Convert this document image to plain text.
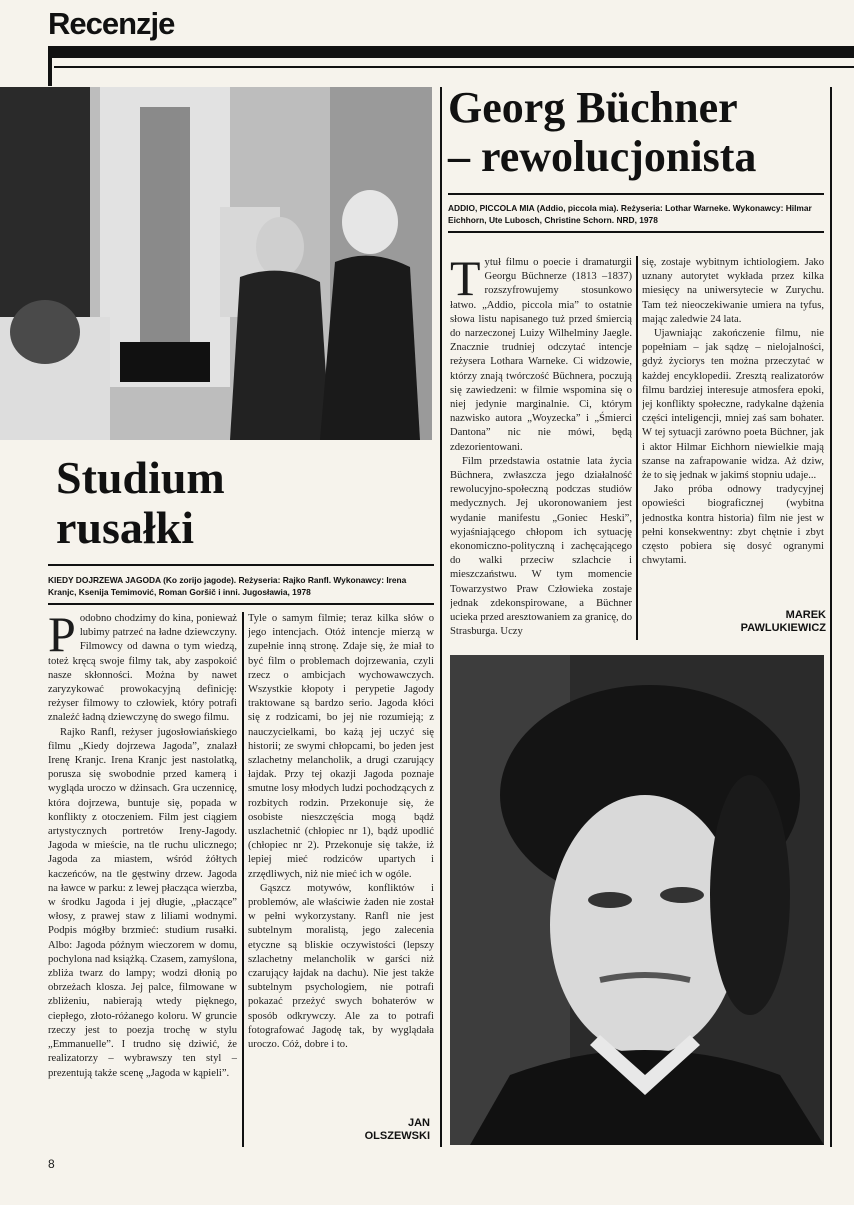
Recenzje
Studium
rusałki
KIEDY DOJRZEWA JAGODA (Ko zorijo jagode). Reżyseria: Rajko Ranfl. Wykonawcy: Irena Kranjc, Ksenija Temimović, Roman Goršič i inni. Jugosławia, 1978

Podobno chodzimy do kina, ponieważ lubimy patrzeć na ładne dziewczyny. Filmowcy od dawna o tym wiedzą, toteż kręcą swoje filmy tak, aby zaspokoić nasze skłonności. Można by nawet zaryzykować prowokacyjną definicję: reżyser filmowy to człowiek, który potrafi znaleźć ładną dziewczynę do swego filmu.

Rajko Ranfl, reżyser jugosłowiańskiego filmu „Kiedy dojrzewa Jagoda”, znalazł Irenę Kranjc. Irena Kranjc jest nastolatką, porusza się swobodnie przed kamerą i wygląda uroczo w dżinsach. Gra uczennicę, która dojrzewa, buntuje się, popada w konflikty z otoczeniem. Film jest ciągiem artystycznych portretów Ireny-Jagody. Jagoda w mieście, na tle ruchu ulicznego; Jagoda za miastem, wśród żółtych kaczeńców, na tle gęstwiny drzew. Jagoda na ławce w parku: z lewej płacząca wierzba, w środku Jagoda i jej długie, „płaczące” włosy, z prawej staw z liliami wodnymi. Podpis mógłby brzmieć: studium rusałki. Albo: Jagoda późnym wieczorem w domu, pochylona nad książką. Czasem, zamyślona, zbliża twarz do lampy; wodzi dłonią po obrzeżach klosza. Jej palce, filmowane w zbliżeniu, nabierają wtedy pięknego, ciepłego, złoto-różanego koloru. W gruncie rzeczy jest to poezja trochę w stylu „Emmanuelle”. I trudno się dziwić, że realizatorzy – wybrawszy ten styl – prezentują także scenę „Jagoda w kąpieli”.

Tyle o samym filmie; teraz kilka słów o jego intencjach. Otóż intencje mierzą w zupełnie inną stronę. Zdaje się, że miał to być film o problemach dojrzewania, czyli rzecz o ambicjach wychowawczych. Wszystkie kłopoty i perypetie Jagody traktowane są bardzo serio. Jagoda kłóci się z rodzicami, bo jej nie rozumieją; z nauczycielkami, bo każą jej uczyć się historii; ze swymi chłopcami, bo jeden jest szlachetny melancholik, a drugi czarujący łajdak. Przy tej okazji Jagoda poznaje smutne losy młodych ludzi pochodzących z rozbitych rodzin. Przekonuje się, że osobiste nieszczęścia mogą bądź uszlachetnić (chłopiec nr 1), bądź upodlić (chłopiec nr 2). Przekonuje się także, iż lepiej mieć rodziców upartych i zrzędliwych, niż nie mieć ich w ogóle.

Gąszcz motywów, konfliktów i problemów, ale właściwie żaden nie został w pełni wykorzystany. Ranfl nie jest subtelnym moralistą, jego zalecenia etyczne są bliskie oczywistości (lepszy szlachetny melancholik w garści niż czarujący łajdak na dachu). Nie jest także subtelnym psychologiem, nie potrafi pokazać przeżyć swych bohaterów w sposób odkrywczy. Ale za to potrafi fotografować Jagodę tak, by wyglądała uroczo. Cóż, dobre i to.

JAN
OLSZEWSKI
Georg Büchner
– rewolucjonista
ADDIO, PICCOLA MIA (Addio, piccola mia). Reżyseria: Lothar Warneke. Wykonawcy: Hilmar Eichhorn, Ute Lubosch, Christine Schorn. NRD, 1978

Tytuł filmu o poecie i dramaturgii Georgu Büchnerze (1813 –1837) rozszyfrowujemy stosunkowo łatwo. „Addio, piccola mia” to ostatnie słowa listu napisanego tuż przed śmiercią do narzeczonej Luizy Wilhelminy Jaegle. Znacznie trudniej odczytać intencje reżysera Lothara Warneke. Ci widzowie, którzy znają twórczość Büchnera, poczują się zawiedzeni: w filmie wspomina się o niej jedynie marginalnie. Ci, którym nazwisko autora „Woyzecka” i „Śmierci Dantona” nic nie mówi, będą zdezorientowani.

Film przedstawia ostatnie lata życia Büchnera, zwłaszcza jego działalność rewolucyjno-społeczną podczas studiów medycznych. Jej ukoronowaniem jest wydanie manifestu „Goniec Heski”, wyjaśniającego chłopom ich sytuację ekonomiczno-polityczną i zachęcającego do walki przeciw szlachcie i mieszczaństwu. W tym momencie Towarzystwo Praw Człowieka zostaje jednak zdekonspirowane, a Büchner ucieka przed aresztowaniem za granicę, do Strasburga. Uczy

się, zostaje wybitnym ichtiologiem. Jako uznany autorytet wykłada przez kilka miesięcy na uniwersytecie w Zurychu. Tam też nieoczekiwanie umiera na tyfus, mając zaledwie 24 lata.

Ujawniając zakończenie filmu, nie popełniam – jak sądzę – nielojalności, gdyż życiorys ten można przeczytać w każdej encyklopedii. Zresztą realizatorów filmu bardziej interesuje atmosfera epoki, jej konflikty społeczne, radykalne dążenia części inteligencji, mniej zaś sam bohater. W tej sytuacji zarówno poeta Büchner, jak i aktor Hilmar Eichhorn niewielkie mają szanse na zafrapowanie widza. Aż dziw, że to się jednak w jakimś stopniu udaje...

Jako próba odnowy tradycyjnej opowieści biograficznej (wybitna jednostka kontra historia) film nie jest w pełni konsekwentny: zbyt chętnie i zbyt często pobiera się dosyć ogranymi chwytami.

MAREK
PAWLUKIEWICZ
8
